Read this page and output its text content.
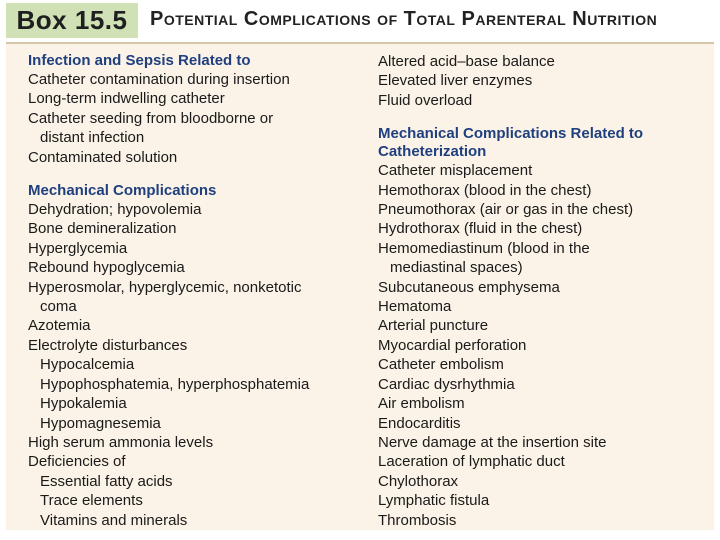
Box 15.5 Potential Complications of Total Parenteral Nutrition
Infection and Sepsis Related to
Catheter contamination during insertion
Long-term indwelling catheter
Catheter seeding from bloodborne or
distant infection
Contaminated solution
Mechanical Complications
Dehydration; hypovolemia
Bone demineralization
Hyperglycemia
Rebound hypoglycemia
Hyperosmolar, hyperglycemic, nonketotic
coma
Azotemia
Electrolyte disturbances
Hypocalcemia
Hypophosphatemia, hyperphosphatemia
Hypokalemia
Hypomagnesemia
High serum ammonia levels
Deficiencies of
Essential fatty acids
Trace elements
Vitamins and minerals
Altered acid–base balance
Elevated liver enzymes
Fluid overload
Mechanical Complications Related to
Catheterization
Catheter misplacement
Hemothorax (blood in the chest)
Pneumothorax (air or gas in the chest)
Hydrothorax (fluid in the chest)
Hemomediastinum (blood in the
mediastinal spaces)
Subcutaneous emphysema
Hematoma
Arterial puncture
Myocardial perforation
Catheter embolism
Cardiac dysrhythmia
Air embolism
Endocarditis
Nerve damage at the insertion site
Laceration of lymphatic duct
Chylothorax
Lymphatic fistula
Thrombosis
